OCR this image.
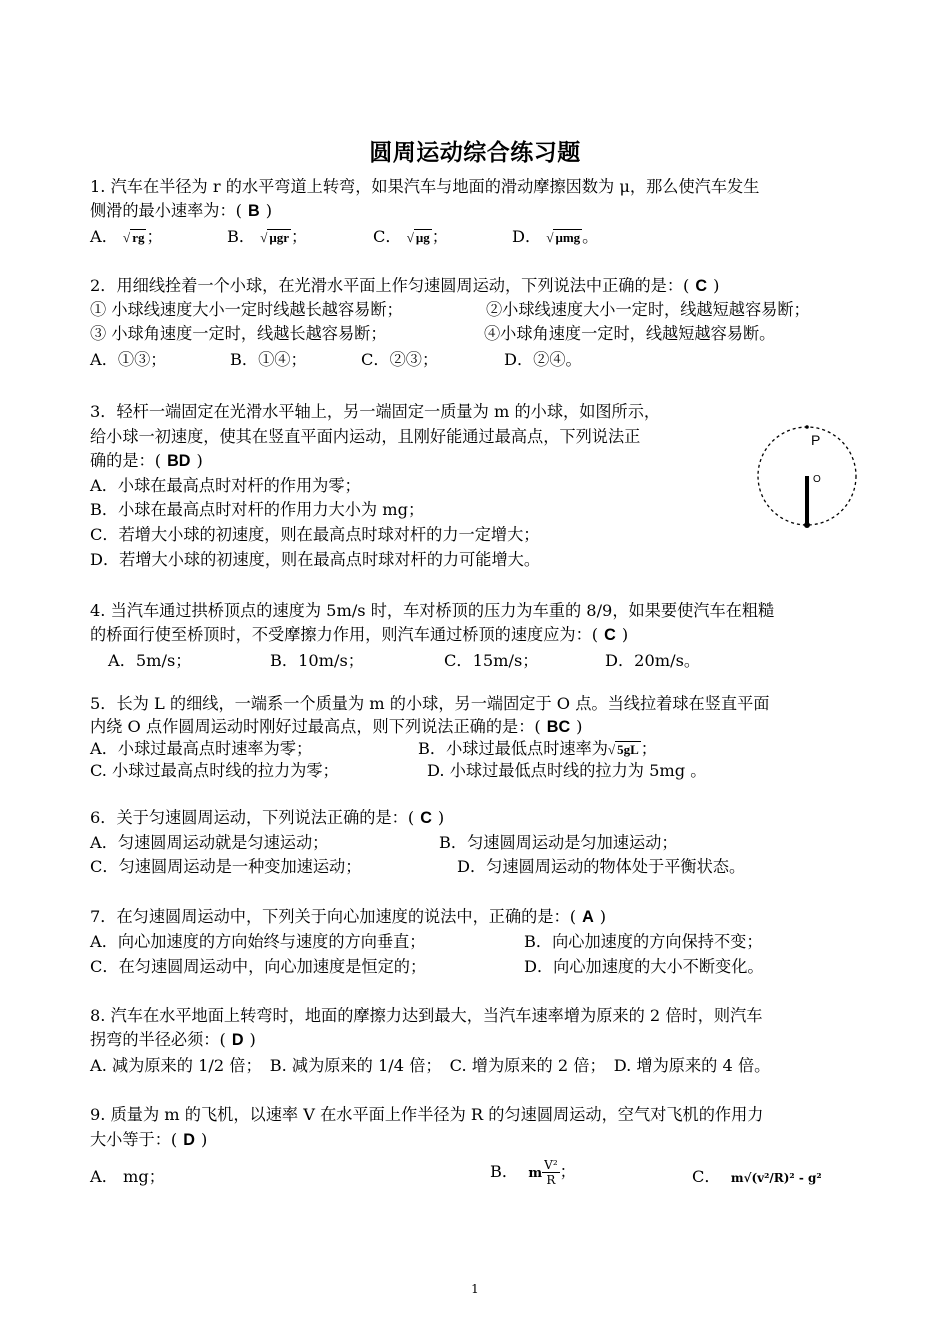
圆周运动综合练习题
1. 汽车在半径为 r 的水平弯道上转弯，如果汽车与地面的滑动摩擦因数为 μ，那么使汽车发生
侧滑的最小速率为：( B )
A． √ rg ；	B． √ μgr ；	C． √ μg ；	D． √ μmg 。
2．用细线拴着一个小球，在光滑水平面上作匀速圆周运动，下列说法中正确的是：( C )
① 小球线速度大小一定时线越长越容易断；	②小球线速度大小一定时，线越短越容易断；
③ 小球角速度一定时，线越长越容易断；	④小球角速度一定时，线越短越容易断。
A．①③；	B．①④；	C．②③；	D．②④。
3．轻杆一端固定在光滑水平轴上，另一端固定一质量为 m 的小球，如图所示，
给小球一初速度，使其在竖直平面内运动，且刚好能通过最高点，下列说法正
确的是：( BD )
A．小球在最高点时对杆的作用为零；
B．小球在最高点时对杆的作用力大小为 mg；
C．若增大小球的初速度，则在最高点时球对杆的力一定增大；
D．若增大小球的初速度，则在最高点时球对杆的力可能增大。
P
O
4. 当汽车通过拱桥顶点的速度为 5m/s 时，车对桥顶的压力为车重的 8/9，如果要使汽车在粗糙
的桥面行使至桥顶时，不受摩擦力作用，则汽车通过桥顶的速度应为：( C )
A．5m/s；	B．10m/s；	C．15m/s；	D．20m/s。
5．长为 L 的细线，一端系一个质量为 m 的小球，另一端固定于 O 点。当线拉着球在竖直平面
内绕 O 点作圆周运动时刚好过最高点，则下列说法正确的是：( BC )
A．小球过最高点时速率为零；	B．小球过最低点时速率为√ 5gL ；
C. 小球过最高点时线的拉力为零；	D. 小球过最低点时线的拉力为 5mg 。
6．关于匀速圆周运动，下列说法正确的是：( C )
A．匀速圆周运动就是匀速运动；	B．匀速圆周运动是匀加速运动；
C．匀速圆周运动是一种变加速运动；	D．匀速圆周运动的物体处于平衡状态。
7．在匀速圆周运动中，下列关于向心加速度的说法中，正确的是：( A )
A．向心加速度的方向始终与速度的方向垂直；	B．向心加速度的方向保持不变；
C．在匀速圆周运动中，向心加速度是恒定的；	D．向心加速度的大小不断变化。
8. 汽车在水平地面上转弯时，地面的摩擦力达到最大，当汽车速率增为原来的 2 倍时，则汽车
拐弯的半径必须：( D )
A. 减为原来的 1/2 倍；　B. 减为原来的 1/4 倍；　C. 增为原来的 2 倍；　D. 增为原来的 4 倍。
9. 质量为 m 的飞机，以速率 V 在水平面上作半径为 R 的匀速圆周运动，空气对飞机的作用力
大小等于：( D )
A． mg；	B． m $\frac{\text{V²}}{R}$ ；	C． m√(v²/R)² - g²
1
